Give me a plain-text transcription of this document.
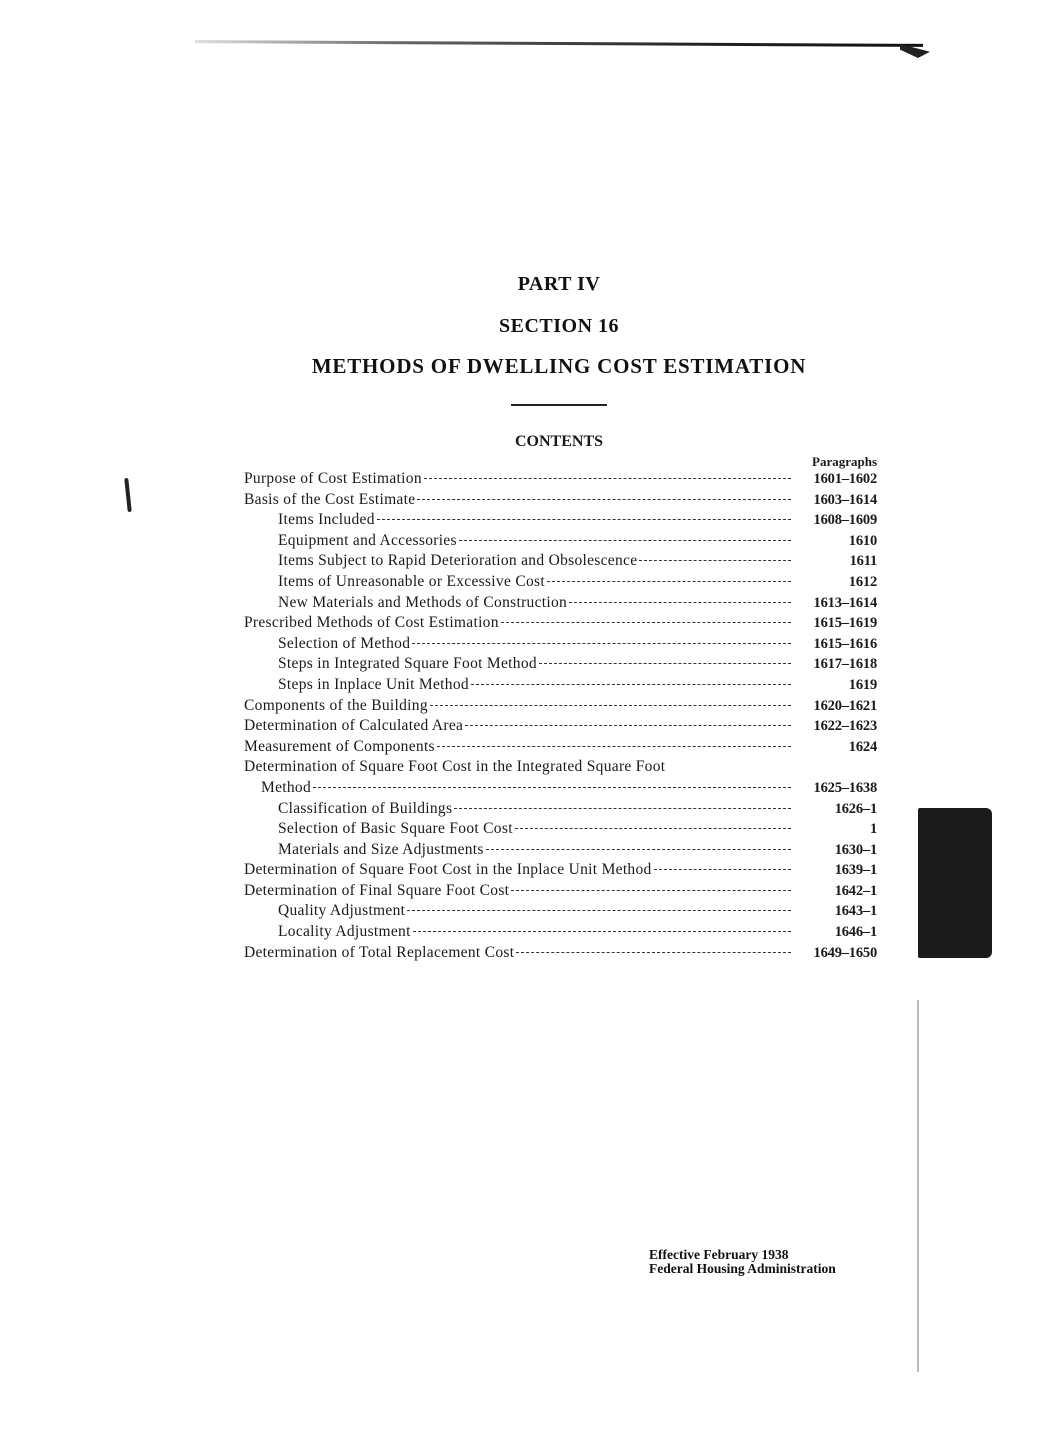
PART IV
SECTION 16
METHODS OF DWELLING COST ESTIMATION
CONTENTS
Paragraphs
Purpose of Cost Estimation	1601–1602
Basis of the Cost Estimate	1603–1614
Items Included	1608–1609
Equipment and Accessories	1610
Items Subject to Rapid Deterioration and Obsolescence	1611
Items of Unreasonable or Excessive Cost	1612
New Materials and Methods of Construction	1613–1614
Prescribed Methods of Cost Estimation	1615–1619
Selection of Method	1615–1616
Steps in Integrated Square Foot Method	1617–1618
Steps in Inplace Unit Method	1619
Components of the Building	1620–1621
Determination of Calculated Area	1622–1623
Measurement of Components	1624
Determination of Square Foot Cost in the Integrated Square Foot
Method	1625–1638
Classification of Buildings	1626–1
Selection of Basic Square Foot Cost	1
Materials and Size Adjustments	1630–1
Determination of Square Foot Cost in the Inplace Unit Method	1639–1
Determination of Final Square Foot Cost	1642–1
Quality Adjustment	1643–1
Locality Adjustment	1646–1
Determination of Total Replacement Cost	1649–1650
Effective February 1938
Federal Housing Administration
